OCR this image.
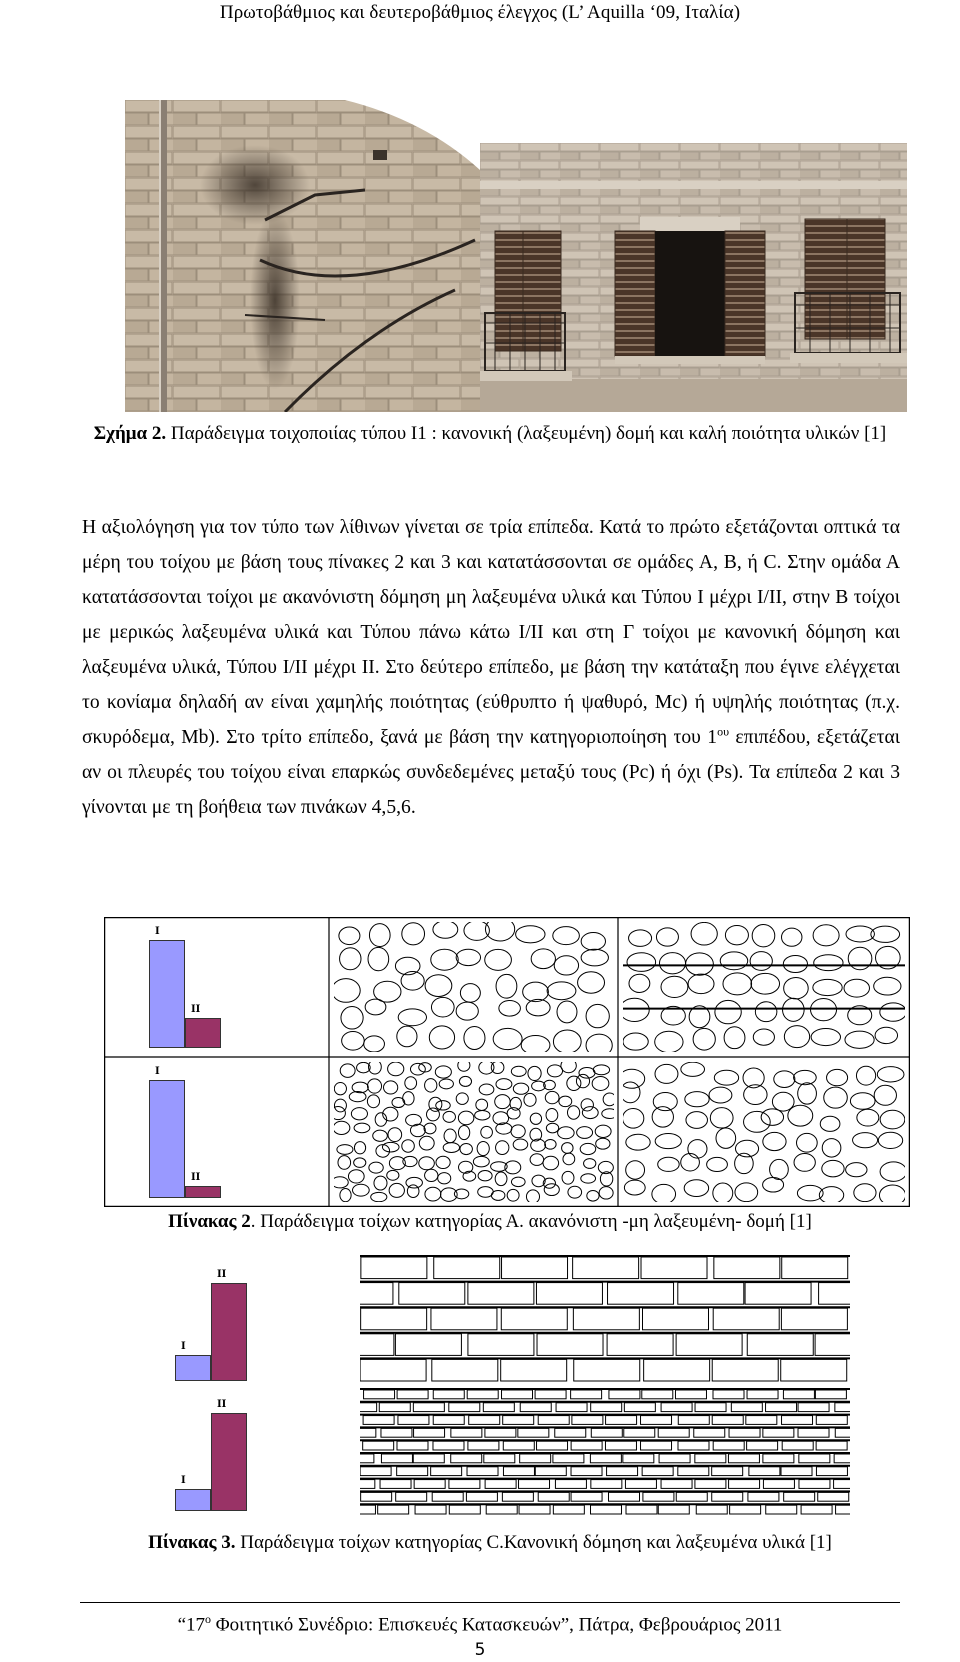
Πρωτοβάθμιος και δευτεροβάθμιος έλεγχος (L’ Aquilla ‘09, Ιταλία)
Σχήμα 2. Παράδειγμα τοιχοποιίας τύπου Ι1 : κανονική (λαξευμένη) δομή και καλή ποιότητα υλικών [1]
Η αξιολόγηση για τον τύπο των λίθινων γίνεται σε τρία επίπεδα. Κατά το πρώτο εξετάζονται οπτικά τα μέρη του τοίχου με βάση τους πίνακες 2 και 3 και κατατάσσονται σε ομάδες A, B, ή C. Στην ομάδα Α κατατάσσονται τοίχοι με ακανόνιστη δόμηση μη λαξευμένα υλικά και Τύπου Ι μέχρι Ι/ΙΙ, στην Β τοίχοι με μερικώς λαξευμένα υλικά και Τύπου πάνω κάτω Ι/ΙΙ και στη Γ τοίχοι με κανονική δόμηση και λαξευμένα υλικά, Τύπου Ι/ΙΙ μέχρι ΙΙ. Στο δεύτερο επίπεδο, με βάση την κατάταξη που έγινε ελέγχεται το κονίαμα δηλαδή αν είναι χαμηλής ποιότητας (εύθρυπτο ή ψαθυρό, Mc) ή υψηλής ποιότητας (π.χ. σκυρόδεμα, Mb). Στο τρίτο επίπεδο, ξανά με βάση την κατηγοριοποίηση του $1^{o\upsilon}$ επιπέδου, εξετάζεται αν οι πλευρές του τοίχου είναι επαρκώς συνδεδεμένες μεταξύ τους (Pc) ή όχι (Ps). Τα επίπεδα 2 και 3 γίνονται με τη βοήθεια των πινάκων 4,5,6.
I
II
I
II
Πίνακας 2. Παράδειγμα τοίχων κατηγορίας Α. ακανόνιστη -μη λαξευμένη- δομή [1]
I
II
I
II
Πίνακας 3. Παράδειγμα τοίχων κατηγορίας C.Κανονική δόμηση και λαξευμένα υλικά [1]
“$17^o$ Φοιτητικό Συνέδριο: Επισκευές Κατασκευών”, Πάτρα, Φεβρουάριος 2011
5
